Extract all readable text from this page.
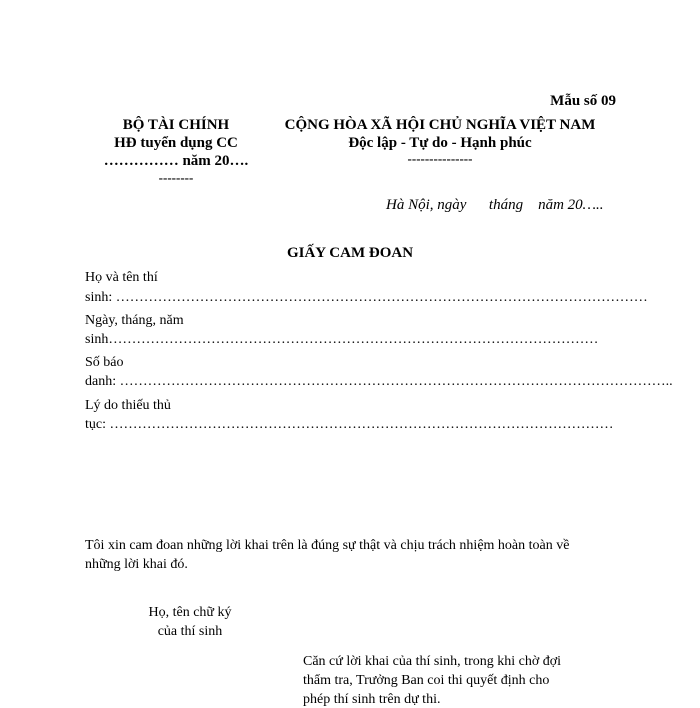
Mẫu số 09
BỘ TÀI CHÍNH
HĐ tuyển dụng CC
…………… năm 20….
--------
CỘNG HÒA XÃ HỘI CHỦ NGHĨA VIỆT NAM
Độc lập - Tự do - Hạnh phúc
---------------
Hà Nội, ngày      tháng    năm 20…..
GIẤY CAM ĐOAN
Họ và tên thí
sinh: ……………………………………………………………………………………………………
Ngày, tháng, năm
sinh……………………………………………………………………………………………
Số báo
danh: ………………………………………………………………………………………………………..
Lý do thiếu thủ
tục: ………………………………………………………………………………………………
Tôi xin cam đoan những lời khai trên là đúng sự thật và chịu trách nhiệm hoàn toàn về
những lời khai đó.
Họ, tên chữ ký
của thí sinh
Căn cứ lời khai của thí sinh, trong khi chờ đợi
thẩm tra, Trưởng Ban coi thi quyết định cho
phép thí sinh trên dự thi.
